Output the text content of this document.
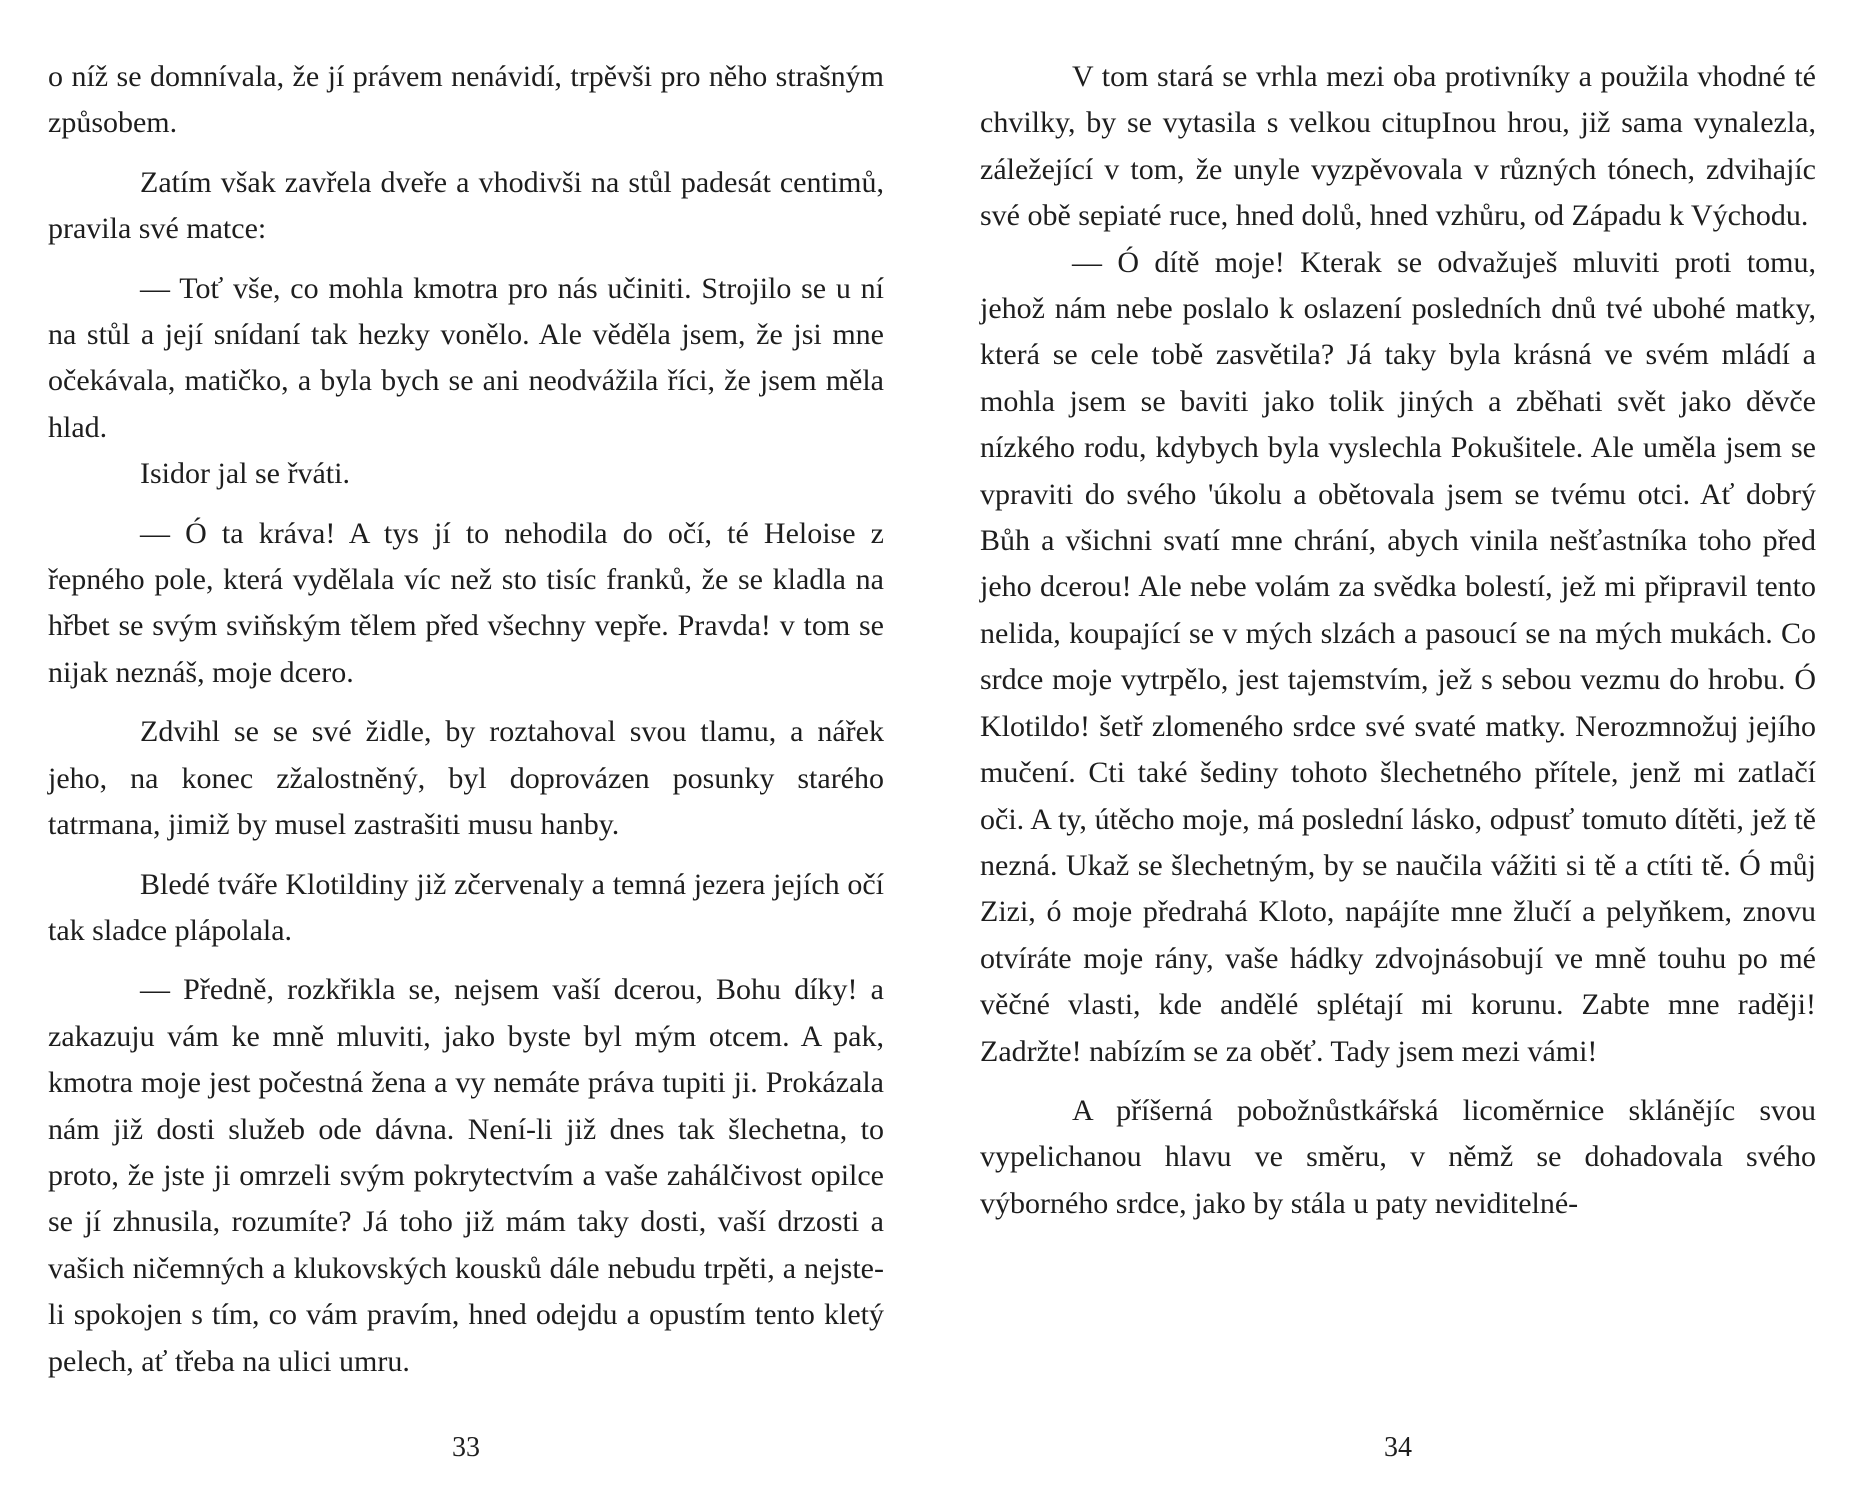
o níž se domnívala, že jí právem nenávidí, trpěvši pro něho strašným způsobem.

Zatím však zavřela dveře a vhodivši na stůl padesát centimů, pravila své matce:

— Toť vše, co mohla kmotra pro nás učiniti. Strojilo se u ní na stůl a její snídaní tak hezky vonělo. Ale věděla jsem, že jsi mne očekávala, matičko, a byla bych se ani neodvážila říci, že jsem měla hlad.

Isidor jal se řváti.

— Ó ta kráva! A tys jí to nehodila do očí, té Heloise z řepného pole, která vydělala víc než sto tisíc franků, že se kladla na hřbet se svým sviňským tělem před všechny vepře. Pravda! v tom se nijak neznáš, moje dcero.

Zdvihl se se své židle, by roztahoval svou tlamu, a nářek jeho, na konec zžalostněný, byl doprovázen posunky starého tatrmana, jimiž by musel zastrašiti musu hanby.

Bledé tváře Klotildiny již zčervenaly a temná jezera jejích očí tak sladce plápolala.

— Předně, rozkřikla se, nejsem vaší dcerou, Bohu díky! a zakazuju vám ke mně mluviti, jako byste byl mým otcem. A pak, kmotra moje jest počestná žena a vy nemáte práva tupiti ji. Prokázala nám již dosti služeb ode dávna. Není-li již dnes tak šlechetna, to proto, že jste ji omrzeli svým pokrytectvím a vaše zahálčivost opilce se jí zhnusila, rozumíte? Já toho již mám taky dosti, vaší drzosti a vašich ničemných a klukovských kousků dále nebudu trpěti, a nejste-li spokojen s tím, co vám pravím, hned odejdu a opustím tento kletý pelech, ať třeba na ulici umru.

33

V tom stará se vrhla mezi oba protivníky a použila vhodné té chvilky, by se vytasila s velkou citupInou hrou, již sama vynalezla, záležející v tom, že unyle vyzpěvovala v různých tónech, zdvihajíc své obě sepiaté ruce, hned dolů, hned vzhůru, od Západu k Východu.

— Ó dítě moje! Kterak se odvažuješ mluviti proti tomu, jehož nám nebe poslalo k oslazení posledních dnů tvé ubohé matky, která se cele tobě zasvětila? Já taky byla krásná ve svém mládí a mohla jsem se baviti jako tolik jiných a zběhati svět jako děvče nízkého rodu, kdybych byla vyslechla Pokušitele. Ale uměla jsem se vpraviti do svého 'úkolu a obětovala jsem se tvému otci. Ať dobrý Bůh a všichni svatí mne chrání, abych vinila nešťastníka toho před jeho dcerou! Ale nebe volám za svědka bolestí, jež mi připravil tento nelida, koupající se v mých slzách a pasoucí se na mých mukách. Co srdce moje vytrpělo, jest tajemstvím, jež s sebou vezmu do hrobu. Ó Klotildo! šetř zlomeného srdce své svaté matky. Nerozmnožuj jejího mučení. Cti také šediny tohoto šlechetného přítele, jenž mi zatlačí oči. A ty, útěcho moje, má poslední lásko, odpusť tomuto dítěti, jež tě nezná. Ukaž se šlechetným, by se naučila vážiti si tě a ctíti tě. Ó můj Zizi, ó moje předrahá Kloto, napájíte mne žlučí a pelyňkem, znovu otvíráte moje rány, vaše hádky zdvojnásobují ve mně touhu po mé věčné vlasti, kde andělé splétají mi korunu. Zabte mne raději! Zadržte! nabízím se za oběť. Tady jsem mezi vámi!

A příšerná pobožnůstkářská licoměrnice sklánějíc svou vypelichanou hlavu ve směru, v němž se dohadovala svého výborného srdce, jako by stála u paty neviditelné-

34
